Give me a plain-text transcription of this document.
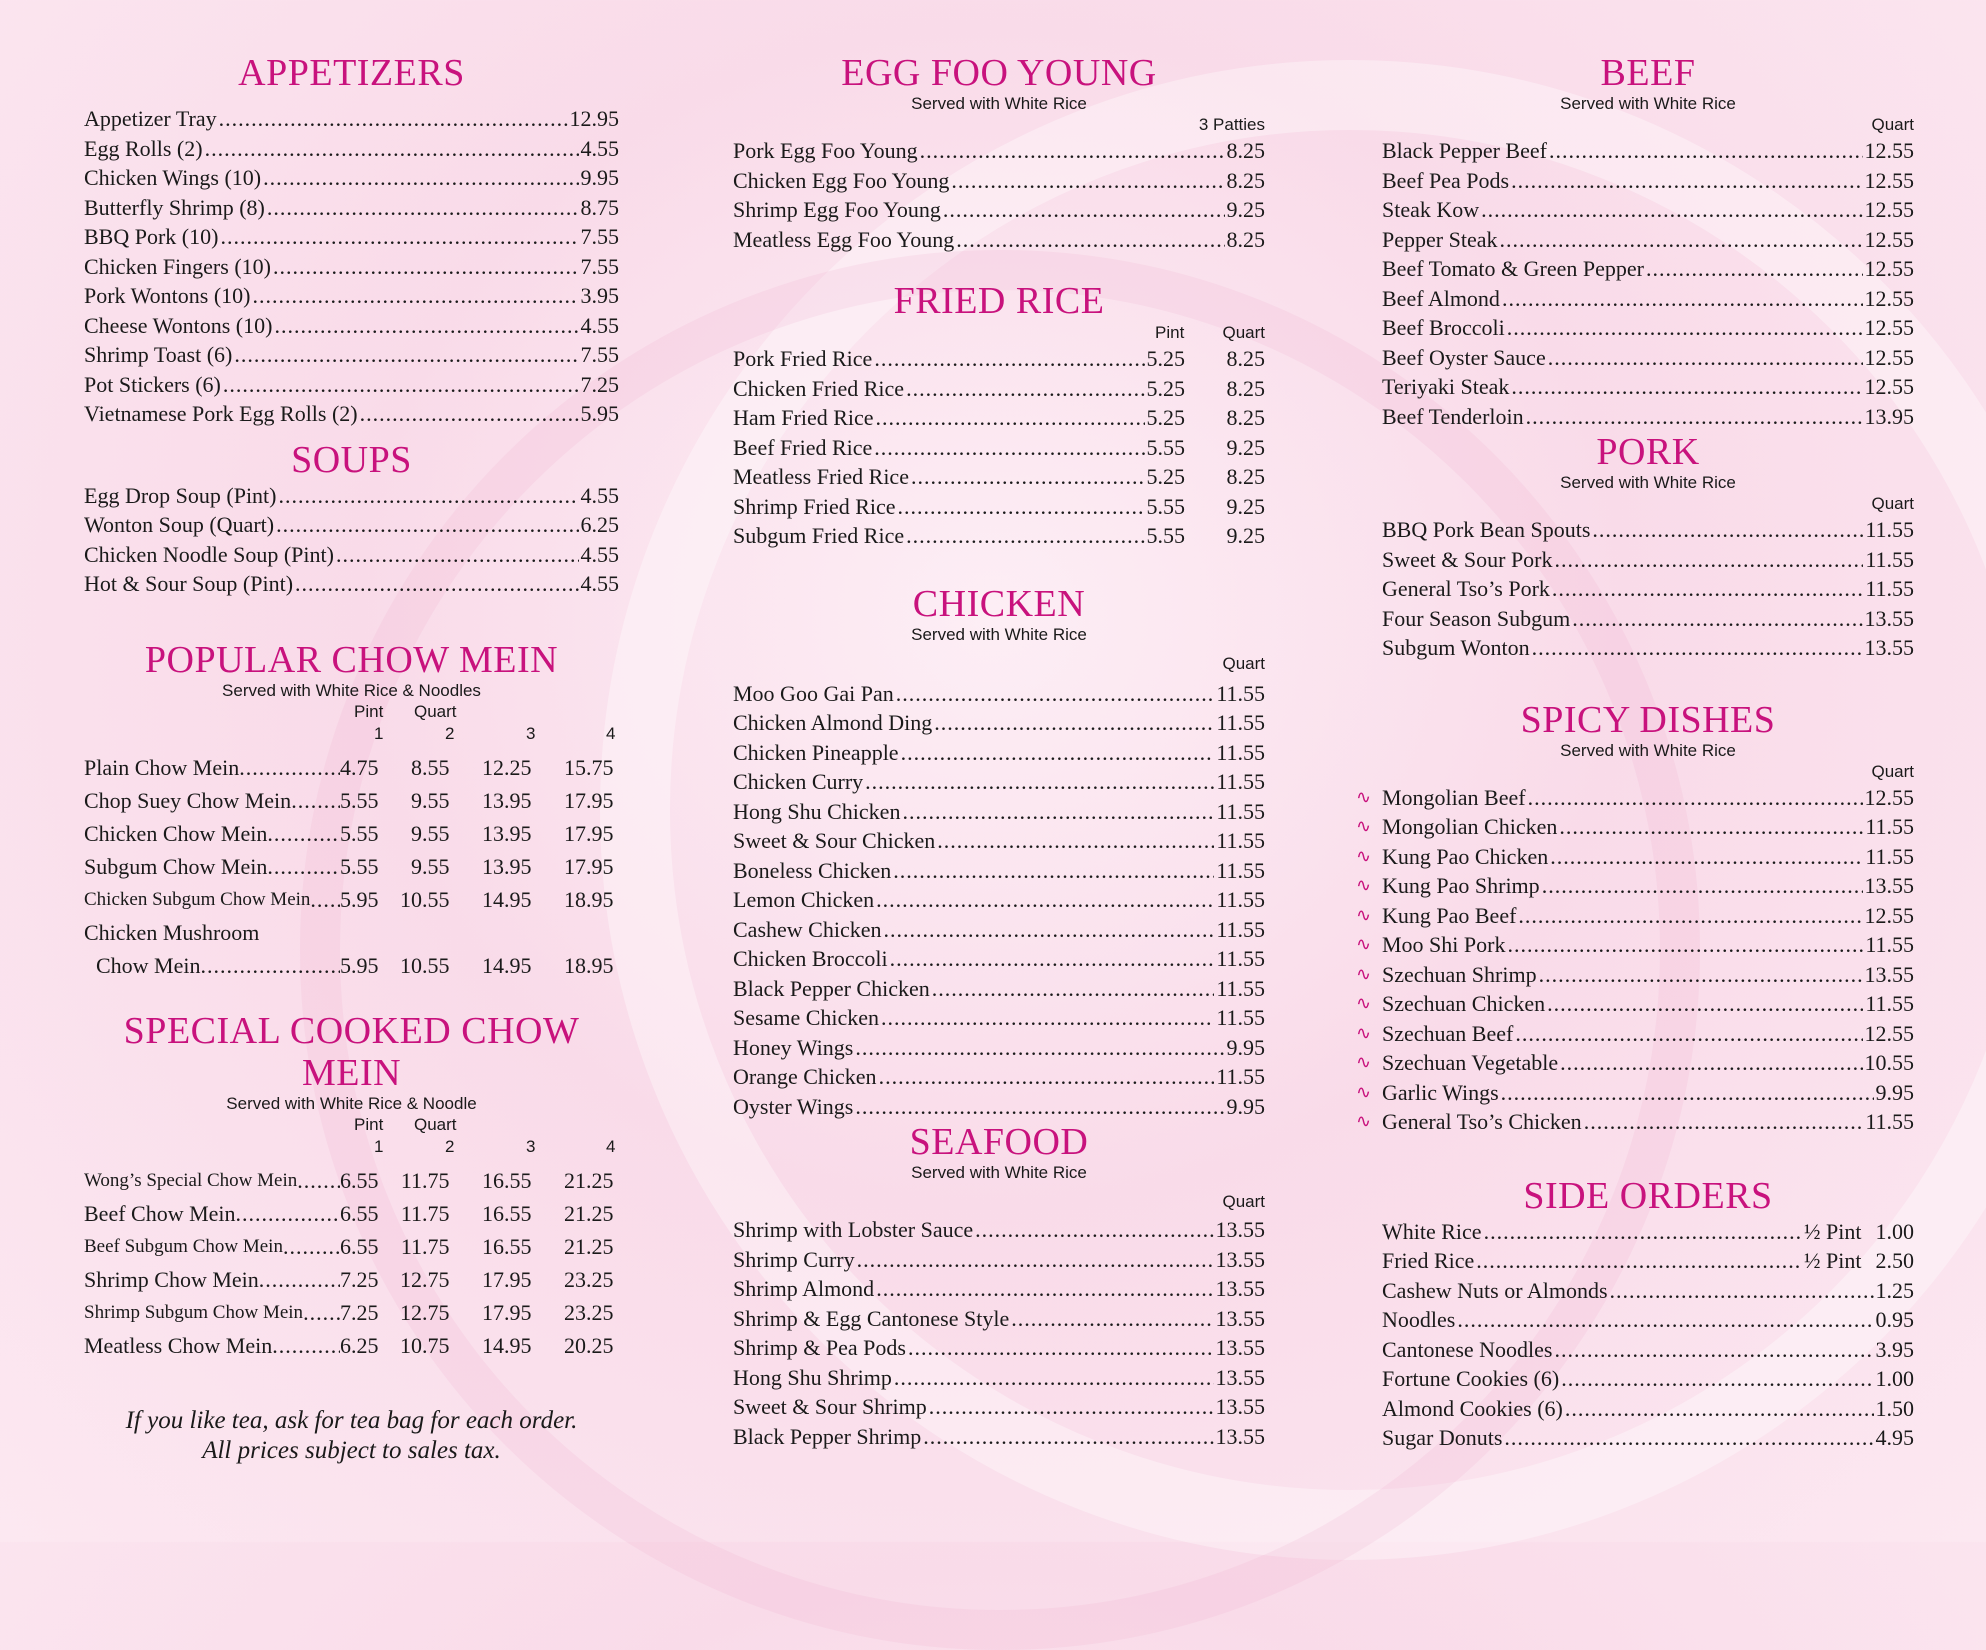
APPETIZERS
Appetizer Tray .....	12.95
Egg Rolls (2) .....	4.55
Chicken Wings (10) .....	9.95
Butterfly Shrimp (8) .....	8.75
BBQ Pork (10) .....	7.55
Chicken Fingers (10) .....	7.55
Pork Wontons (10) .....	3.95
Cheese Wontons (10) .....	4.55
Shrimp Toast (6) .....	7.55
Pot Stickers (6) .....	7.25
Vietnamese Pork Egg Rolls (2) .....	5.95
SOUPS
Egg Drop Soup (Pint) .....	4.55
Wonton Soup (Quart) .....	6.25
Chicken Noodle Soup (Pint) .....	4.55
Hot & Sour Soup (Pint) .....	4.55
POPULAR CHOW MEIN
Served with White Rice & Noodles
Pint Quart
1	2	3	4
Plain Chow Mein .....	4.75	8.55	12.25	15.75
Chop Suey Chow Mein ..... 5.55	9.55	13.95	17.95
Chicken Chow Mein .....	5.55	9.55	13.95	17.95
Subgum Chow Mein .....	5.55	9.55	13.95	17.95
Chicken Subgum Chow Mein ..... 5.95 10.55	14.95	18.95
Chicken Mushroom
Chow Mein .....	5.95 10.55	14.95	18.95
SPECIAL COOKED CHOW MEIN
Served with White Rice & Noodle
Pint Quart
1	2	3	4
Wong’s Special Chow Mein ..... 6.55	11.75	16.55	21.25
Beef Chow Mein .....	6.55	11.75	16.55	21.25
Beef Subgum Chow Mein .....	6.55	11.75	16.55	21.25
Shrimp Chow Mein .....	7.25 12.75	17.95	23.25
Shrimp Subgum Chow Mein ..... 7.25 12.75	17.95	23.25
Meatless Chow Mein .....	6.25 10.75	14.95	20.25
If you like tea, ask for tea bag for each order.
All prices subject to sales tax.
EGG FOO YOUNG
Served with White Rice
3 Patties
Pork Egg Foo Young .....	8.25
Chicken Egg Foo Young .....	8.25
Shrimp Egg Foo Young .....	9.25
Meatless Egg Foo Young .....	8.25
FRIED RICE
Pint Quart
Pork Fried Rice .....	5.25	8.25
Chicken Fried Rice .....	5.25	8.25
Ham Fried Rice .....	5.25	8.25
Beef Fried Rice .....	5.55	9.25
Meatless Fried Rice .....	5.25	8.25
Shrimp Fried Rice .....	5.55	9.25
Subgum Fried Rice .....	5.55	9.25
CHICKEN
Served with White Rice
Quart
Moo Goo Gai Pan .....	11.55
Chicken Almond Ding .....	11.55
Chicken Pineapple .....	11.55
Chicken Curry .....	11.55
Hong Shu Chicken .....	11.55
Sweet & Sour Chicken .....	11.55
Boneless Chicken .....	11.55
Lemon Chicken .....	11.55
Cashew Chicken .....	11.55
Chicken Broccoli .....	11.55
Black Pepper Chicken .....	11.55
Sesame Chicken .....	11.55
Honey Wings .....	9.95
Orange Chicken .....	11.55
Oyster Wings .....	9.95
SEAFOOD
Served with White Rice
Quart
Shrimp with Lobster Sauce .....	13.55
Shrimp Curry .....	13.55
Shrimp Almond .....	13.55
Shrimp & Egg Cantonese Style .....	13.55
Shrimp & Pea Pods .....	13.55
Hong Shu Shrimp .....	13.55
Sweet & Sour Shrimp .....	13.55
Black Pepper Shrimp .....	13.55
BEEF
Served with White Rice
Quart
Black Pepper Beef .....	12.55
Beef Pea Pods .....	12.55
Steak Kow .....	12.55
Pepper Steak .....	12.55
Beef Tomato & Green Pepper .....	12.55
Beef Almond .....	12.55
Beef Broccoli .....	12.55
Beef Oyster Sauce .....	12.55
Teriyaki Steak .....	12.55
Beef Tenderloin .....	13.95
PORK
Served with White Rice
Quart
BBQ Pork Bean Spouts .....	11.55
Sweet & Sour Pork .....	11.55
General Tso’s Pork .....	11.55
Four Season Subgum .....	13.55
Subgum Wonton .....	13.55
SPICY DISHES
Served with White Rice
Quart
∿ Mongolian Beef .....	12.55
∿ Mongolian Chicken .....	11.55
∿ Kung Pao Chicken .....	11.55
∿ Kung Pao Shrimp .....	13.55
∿ Kung Pao Beef .....	12.55
∿ Moo Shi Pork .....	11.55
∿ Szechuan Shrimp .....	13.55
∿ Szechuan Chicken .....	11.55
∿ Szechuan Beef .....	12.55
∿ Szechuan Vegetable .....	10.55
∿ Garlic Wings .....	9.95
∿ General Tso’s Chicken .....	11.55
SIDE ORDERS
White Rice .....	½ Pint 1.00
Fried Rice .....	½ Pint 2.50
Cashew Nuts or Almonds .....	1.25
Noodles .....	0.95
Cantonese Noodles .....	3.95
Fortune Cookies (6) .....	1.00
Almond Cookies (6) .....	1.50
Sugar Donuts .....	4.95
